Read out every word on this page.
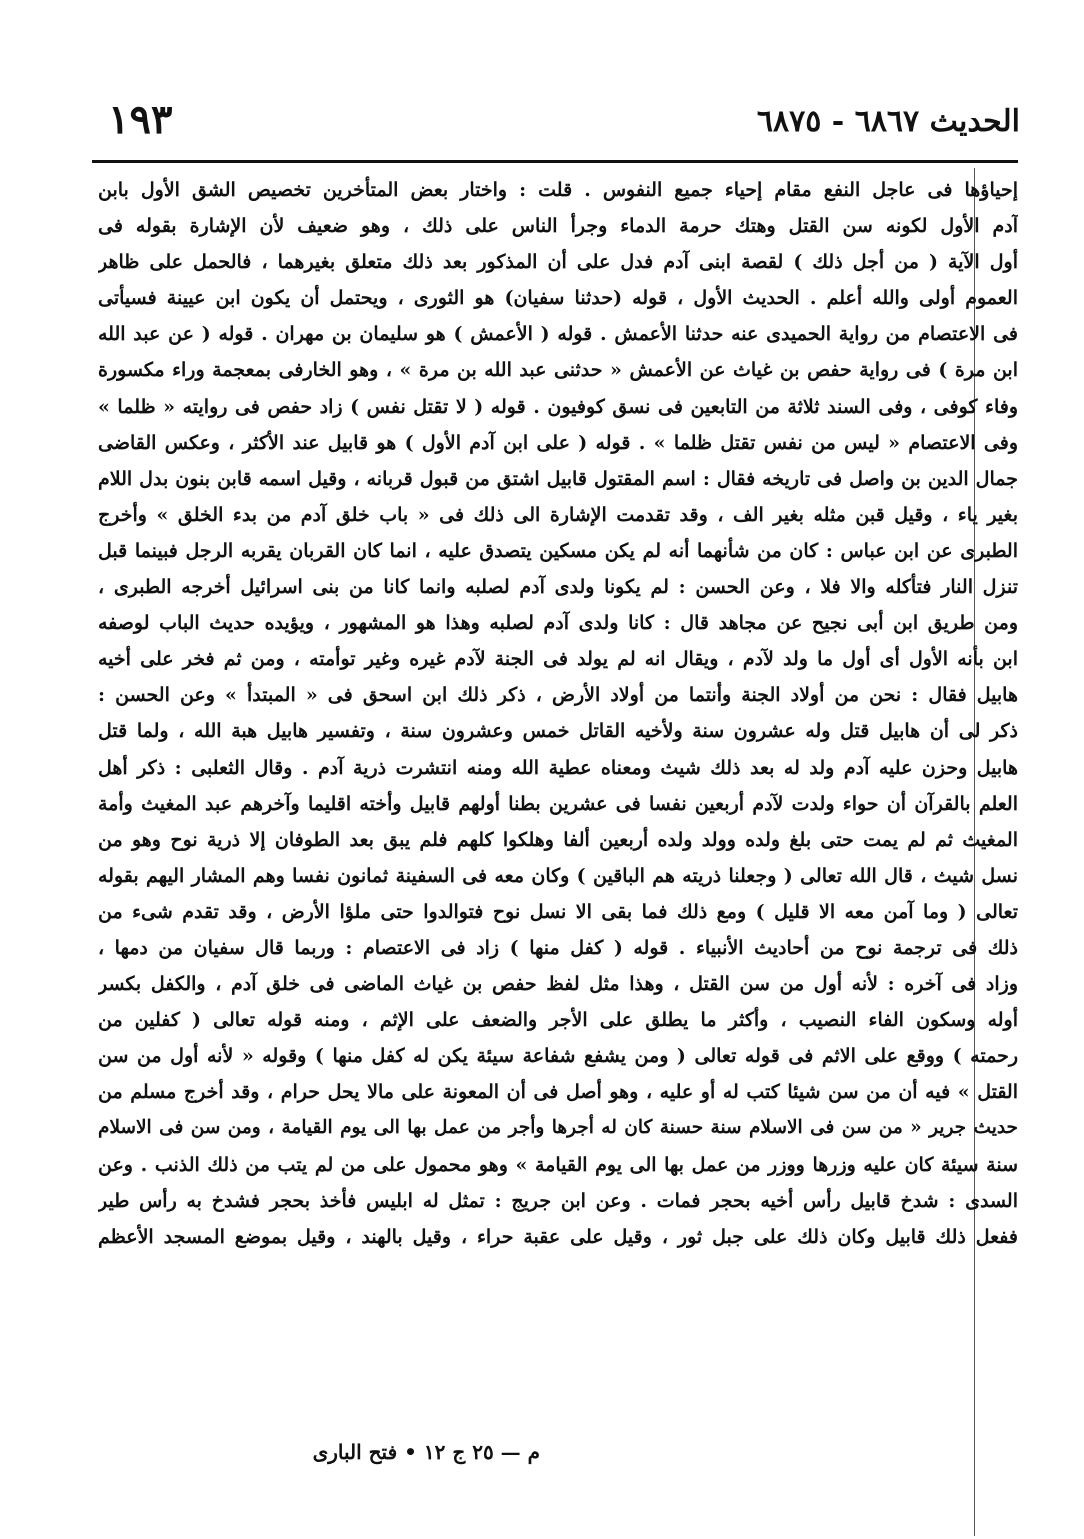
الحديث ٦٨٦٧ - ٦٨٧٥
١٩٣
إحياؤها فى عاجل النفع مقام إحياء جميع النفوس . قلت : واختار بعض المتأخرين تخصيص الشق الأول بابن
آدم الأول لكونه سن القتل وهتك حرمة الدماء وجرأ الناس على ذلك ، وهو ضعيف لأن الإشارة بقوله فى
أول الآية ( من أجل ذلك ) لقصة ابنى آدم فدل على أن المذكور بعد ذلك متعلق بغيرهما ، فالحمل على ظاهر
العموم أولى والله أعلم . الحديث الأول ، قوله (حدثنا سفيان) هو الثورى ، ويحتمل أن يكون ابن عيينة فسيأتى
فى الاعتصام من رواية الحميدى عنه حدثنا الأعمش . قوله ( الأعمش ) هو سليمان بن مهران . قوله ( عن عبد الله
ابن مرة ) فى رواية حفص بن غياث عن الأعمش « حدثنى عبد الله بن مرة » ، وهو الخارفى بمعجمة وراء مكسورة
وفاء كوفى ، وفى السند ثلاثة من التابعين فى نسق كوفيون . قوله ( لا تقتل نفس ) زاد حفص فى روايته « ظلما »
وفى الاعتصام « ليس من نفس تقتل ظلما » . قوله ( على ابن آدم الأول ) هو قابيل عند الأكثر ، وعكس القاضى
جمال الدين بن واصل فى تاريخه فقال : اسم المقتول قابيل اشتق من قبول قربانه ، وقيل اسمه قابن بنون بدل اللام
بغير ياء ، وقيل قبن مثله بغير الف ، وقد تقدمت الإشارة الى ذلك فى « باب خلق آدم من بدء الخلق » وأخرج
الطبرى عن ابن عباس : كان من شأنهما أنه لم يكن مسكين يتصدق عليه ، انما كان القربان يقربه الرجل فبينما قبل
تنزل النار فتأكله والا فلا ، وعن الحسن : لم يكونا ولدى آدم لصلبه وانما كانا من بنى اسرائيل أخرجه الطبرى ،
ومن طريق ابن أبى نجيح عن مجاهد قال : كانا ولدى آدم لصلبه وهذا هو المشهور ، ويؤيده حديث الباب لوصفه
ابن بأنه الأول أى أول ما ولد لآدم ، ويقال انه لم يولد فى الجنة لآدم غيره وغير توأمته ، ومن ثم فخر على أخيه
هابيل فقال : نحن من أولاد الجنة وأنتما من أولاد الأرض ، ذكر ذلك ابن اسحق فى « المبتدأ » وعن الحسن :
ذكر لى أن هابيل قتل وله عشرون سنة ولأخيه القاتل خمس وعشرون سنة ، وتفسير هابيل هبة الله ، ولما قتل
هابيل وحزن عليه آدم ولد له بعد ذلك شيث ومعناه عطية الله ومنه انتشرت ذرية آدم . وقال الثعلبى : ذكر أهل
العلم بالقرآن أن حواء ولدت لآدم أربعين نفسا فى عشرين بطنا أولهم قابيل وأخته اقليما وآخرهم عبد المغيث وأمة
المغيث ثم لم يمت حتى بلغ ولده وولد ولده أربعين ألفا وهلكوا كلهم فلم يبق بعد الطوفان إلا ذرية نوح وهو من
نسل شيث ، قال الله تعالى ( وجعلنا ذريته هم الباقين ) وكان معه فى السفينة ثمانون نفسا وهم المشار اليهم بقوله
تعالى ( وما آمن معه الا قليل ) ومع ذلك فما بقى الا نسل نوح فتوالدوا حتى ملؤا الأرض ، وقد تقدم شىء من
ذلك فى ترجمة نوح من أحاديث الأنبياء . قوله ( كفل منها ) زاد فى الاعتصام : وربما قال سفيان من دمها ،
وزاد فى آخره : لأنه أول من سن القتل ، وهذا مثل لفظ حفص بن غياث الماضى فى خلق آدم ، والكفل بكسر
أوله وسكون الفاء النصيب ، وأكثر ما يطلق على الأجر والضعف على الإثم ، ومنه قوله تعالى ( كفلين من
رحمته ) ووقع على الاثم فى قوله تعالى ( ومن يشفع شفاعة سيئة يكن له كفل منها ) وقوله « لأنه أول من سن
القتل » فيه أن من سن شيئا كتب له أو عليه ، وهو أصل فى أن المعونة على مالا يحل حرام ، وقد أخرج مسلم من
حديث جرير « من سن فى الاسلام سنة حسنة كان له أجرها وأجر من عمل بها الى يوم القيامة ، ومن سن فى الاسلام
سنة سيئة كان عليه وزرها ووزر من عمل بها الى يوم القيامة » وهو محمول على من لم يتب من ذلك الذنب . وعن
السدى : شدخ قابيل رأس أخيه بحجر فمات . وعن ابن جريج : تمثل له ابليس فأخذ بحجر فشدخ به رأس طير
ففعل ذلك قابيل وكان ذلك على جبل ثور ، وقيل على عقبة حراء ، وقيل بالهند ، وقيل بموضع المسجد الأعظم
م — ٢٥ ج ١٢ • فتح البارى
